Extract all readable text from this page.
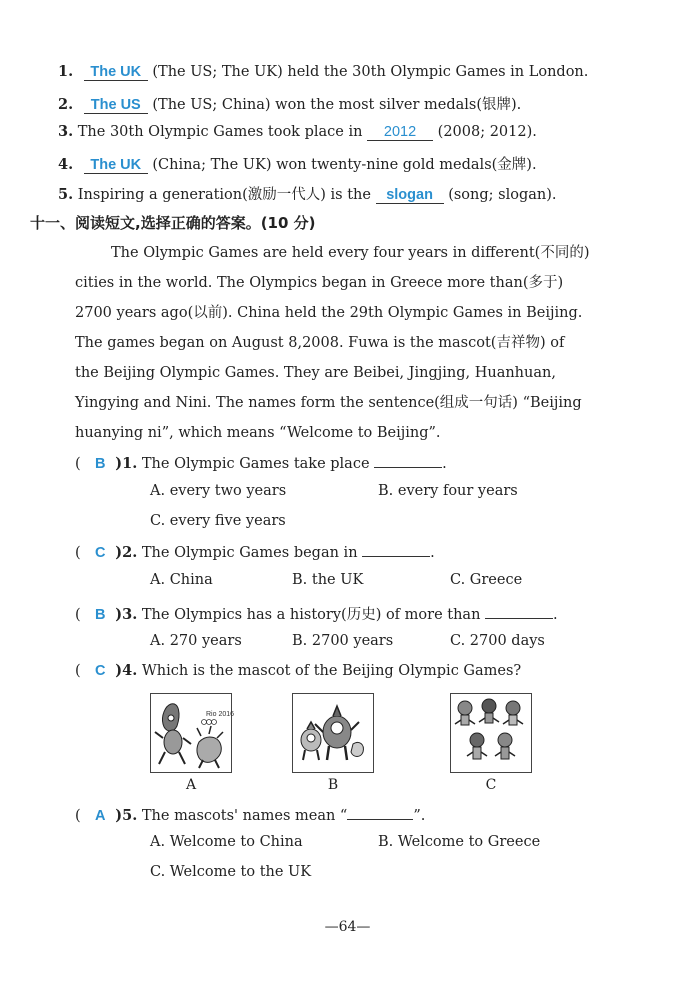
1. The UK (The US; The UK) held the 30th Olympic Games in London.
2. The US (The US; China) won the most silver medals(银牌).
3. The 30th Olympic Games took place in 2012 (2008; 2012).
4. The UK (China; The UK) won twenty-nine gold medals(金牌).
5. Inspiring a generation(激励一代人) is the slogan (song; slogan).
十一、阅读短文,选择正确的答案。(10 分)
The Olympic Games are held every four years in different(不同的)
cities in the world. The Olympics began in Greece more than(多于)
2700 years ago(以前). China held the 29th Olympic Games in Beijing.
The games began on August 8,2008. Fuwa is the mascot(吉祥物) of
the Beijing Olympic Games. They are Beibei, Jingjing, Huanhuan,
Yingying and Nini. The names form the sentence(组成一句话) “Beijing
huanying ni”, which means “Welcome to Beijing”.
( B )1. The Olympic Games take place	.
A. every two years	B. every four years
C. every five years
( C )2. The Olympic Games began in	.
A. China	B. the UK	C. Greece
( B )3. The Olympics has a history(历史) of more than	.
A. 270 years	B. 2700 years	C. 2700 days
( C )4. Which is the mascot of the Beijing Olympic Games?
Rio 2016
A	B	C
( A )5. The mascots' names mean “	”.
A. Welcome to China	B. Welcome to Greece
C. Welcome to the UK
—64—
